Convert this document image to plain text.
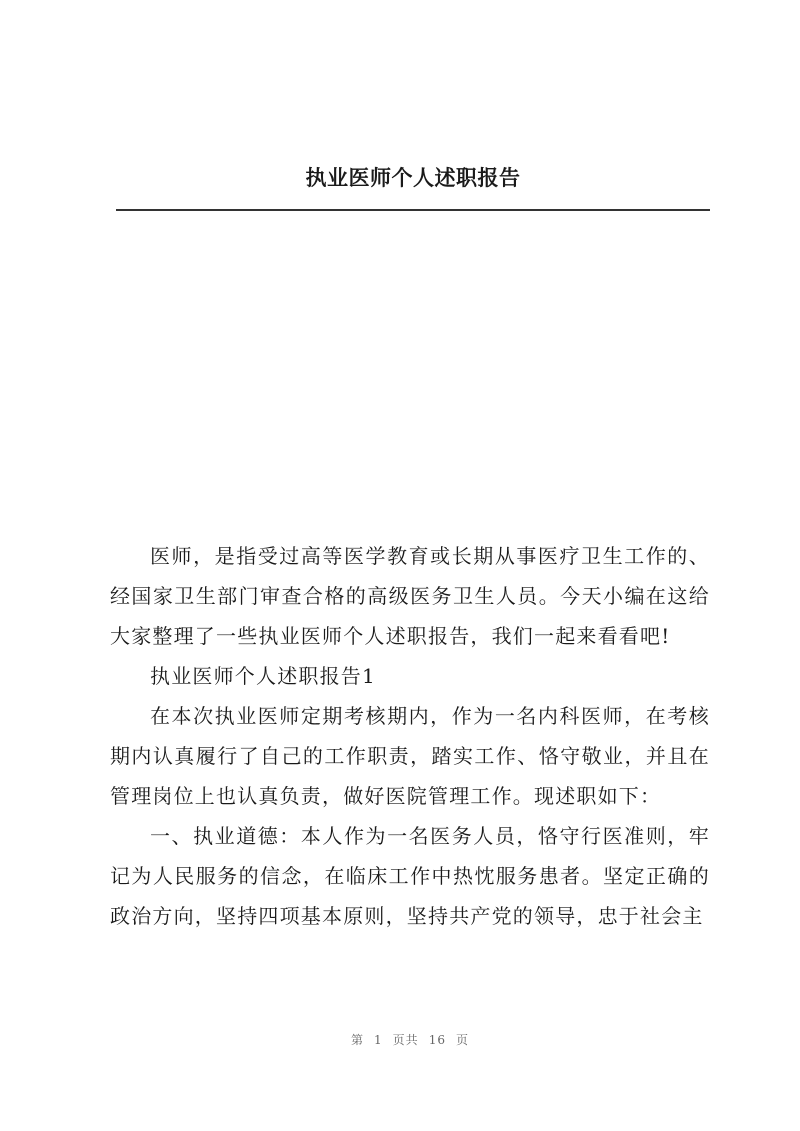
执业医师个人述职报告

医师，是指受过高等医学教育或长期从事医疗卫生工作的、经国家卫生部门审查合格的高级医务卫生人员。今天小编在这给大家整理了一些执业医师个人述职报告，我们一起来看看吧!

执业医师个人述职报告1

在本次执业医师定期考核期内，作为一名内科医师，在考核期内认真履行了自己的工作职责，踏实工作、恪守敬业，并且在管理岗位上也认真负责，做好医院管理工作。现述职如下：

一、执业道德：本人作为一名医务人员，恪守行医准则，牢记为人民服务的信念，在临床工作中热忱服务患者。坚定正确的政治方向，坚持四项基本原则，坚持共产党的领导，忠于社会主

第 1 页共 16 页
